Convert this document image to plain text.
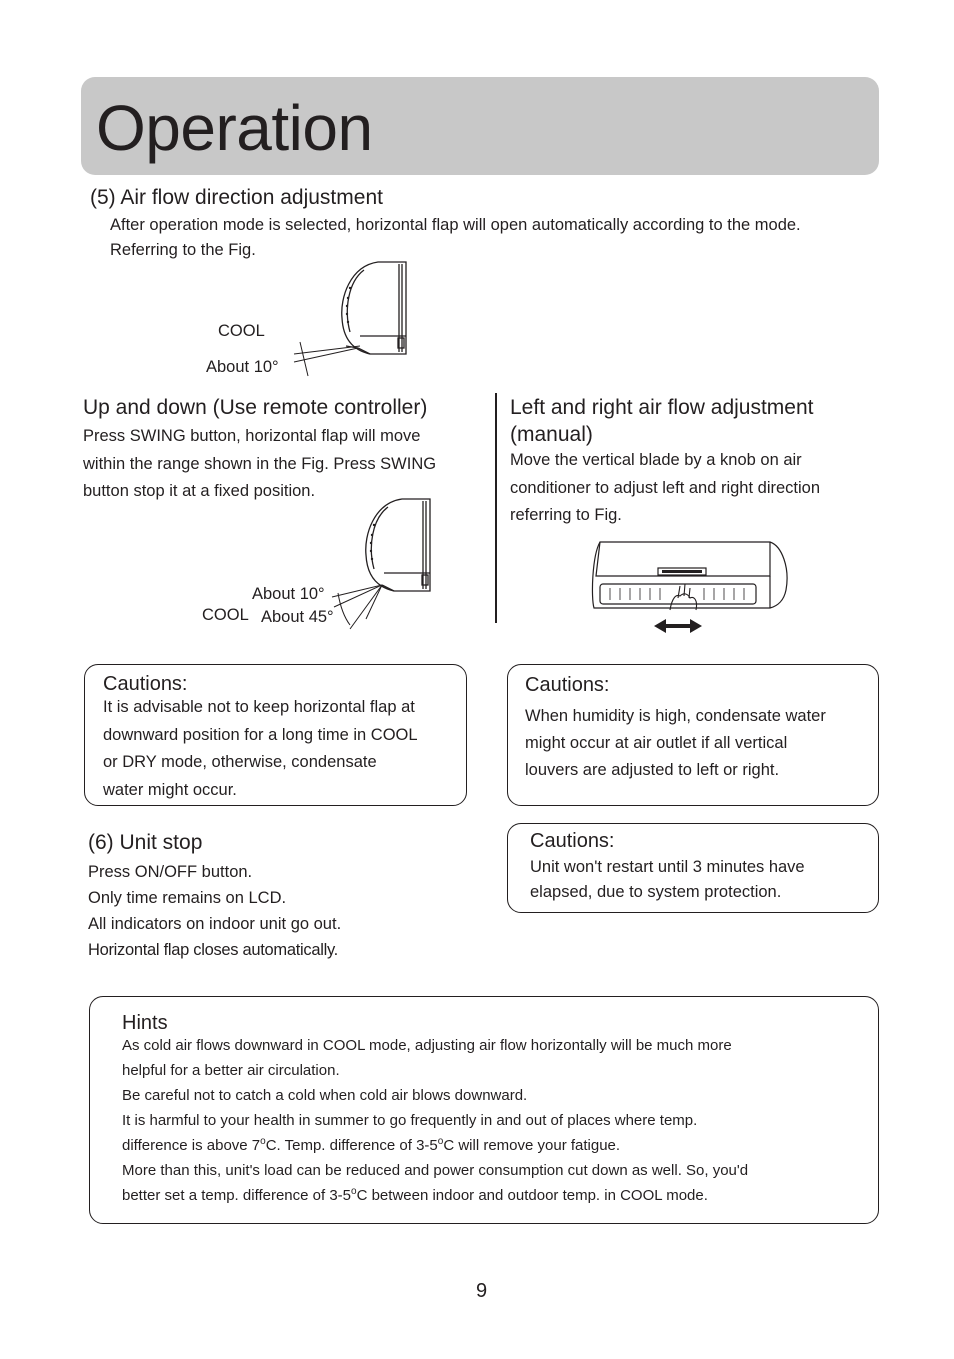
Operation
(5) Air flow direction adjustment
After operation mode is selected, horizontal flap will open automatically according to the mode.
Referring to the Fig.
COOL
About 10°
Up and down (Use remote controller)
Press SWING button, horizontal flap will move
within the range shown in the Fig. Press SWING
button stop it at a fixed position.
About 10°
COOL About 45°
Left and right air flow adjustment
(manual)
Move the vertical blade by a knob on air
conditioner to adjust left and right direction
referring to Fig.
Cautions:
It is advisable not to keep horizontal flap at
downward position for a long time in COOL
or DRY mode, otherwise, condensate
water might occur.
Cautions:
When humidity is high, condensate water
might occur at air outlet if all vertical
louvers are adjusted to left or right.
(6) Unit stop
Press ON/OFF button.
Only time remains on LCD.
All indicators on indoor unit go out.
Horizontal flap closes automatically.
Cautions:
Unit won't restart until 3 minutes have
elapsed, due to system protection.
Hints
As cold air flows downward in COOL mode, adjusting air flow horizontally will be much more
helpful for a better air circulation.
Be careful not to catch a cold when cold air blows downward.
It is harmful to your health in summer to go frequently in and out of places where temp.
difference is above 7$^o$C. Temp. difference of 3-5$^o$C will remove your fatigue.
More than this, unit's load can be reduced and power consumption cut down as well. So, you'd
better set a temp. difference of 3-5$^o$C between indoor and outdoor temp. in COOL mode.
9
